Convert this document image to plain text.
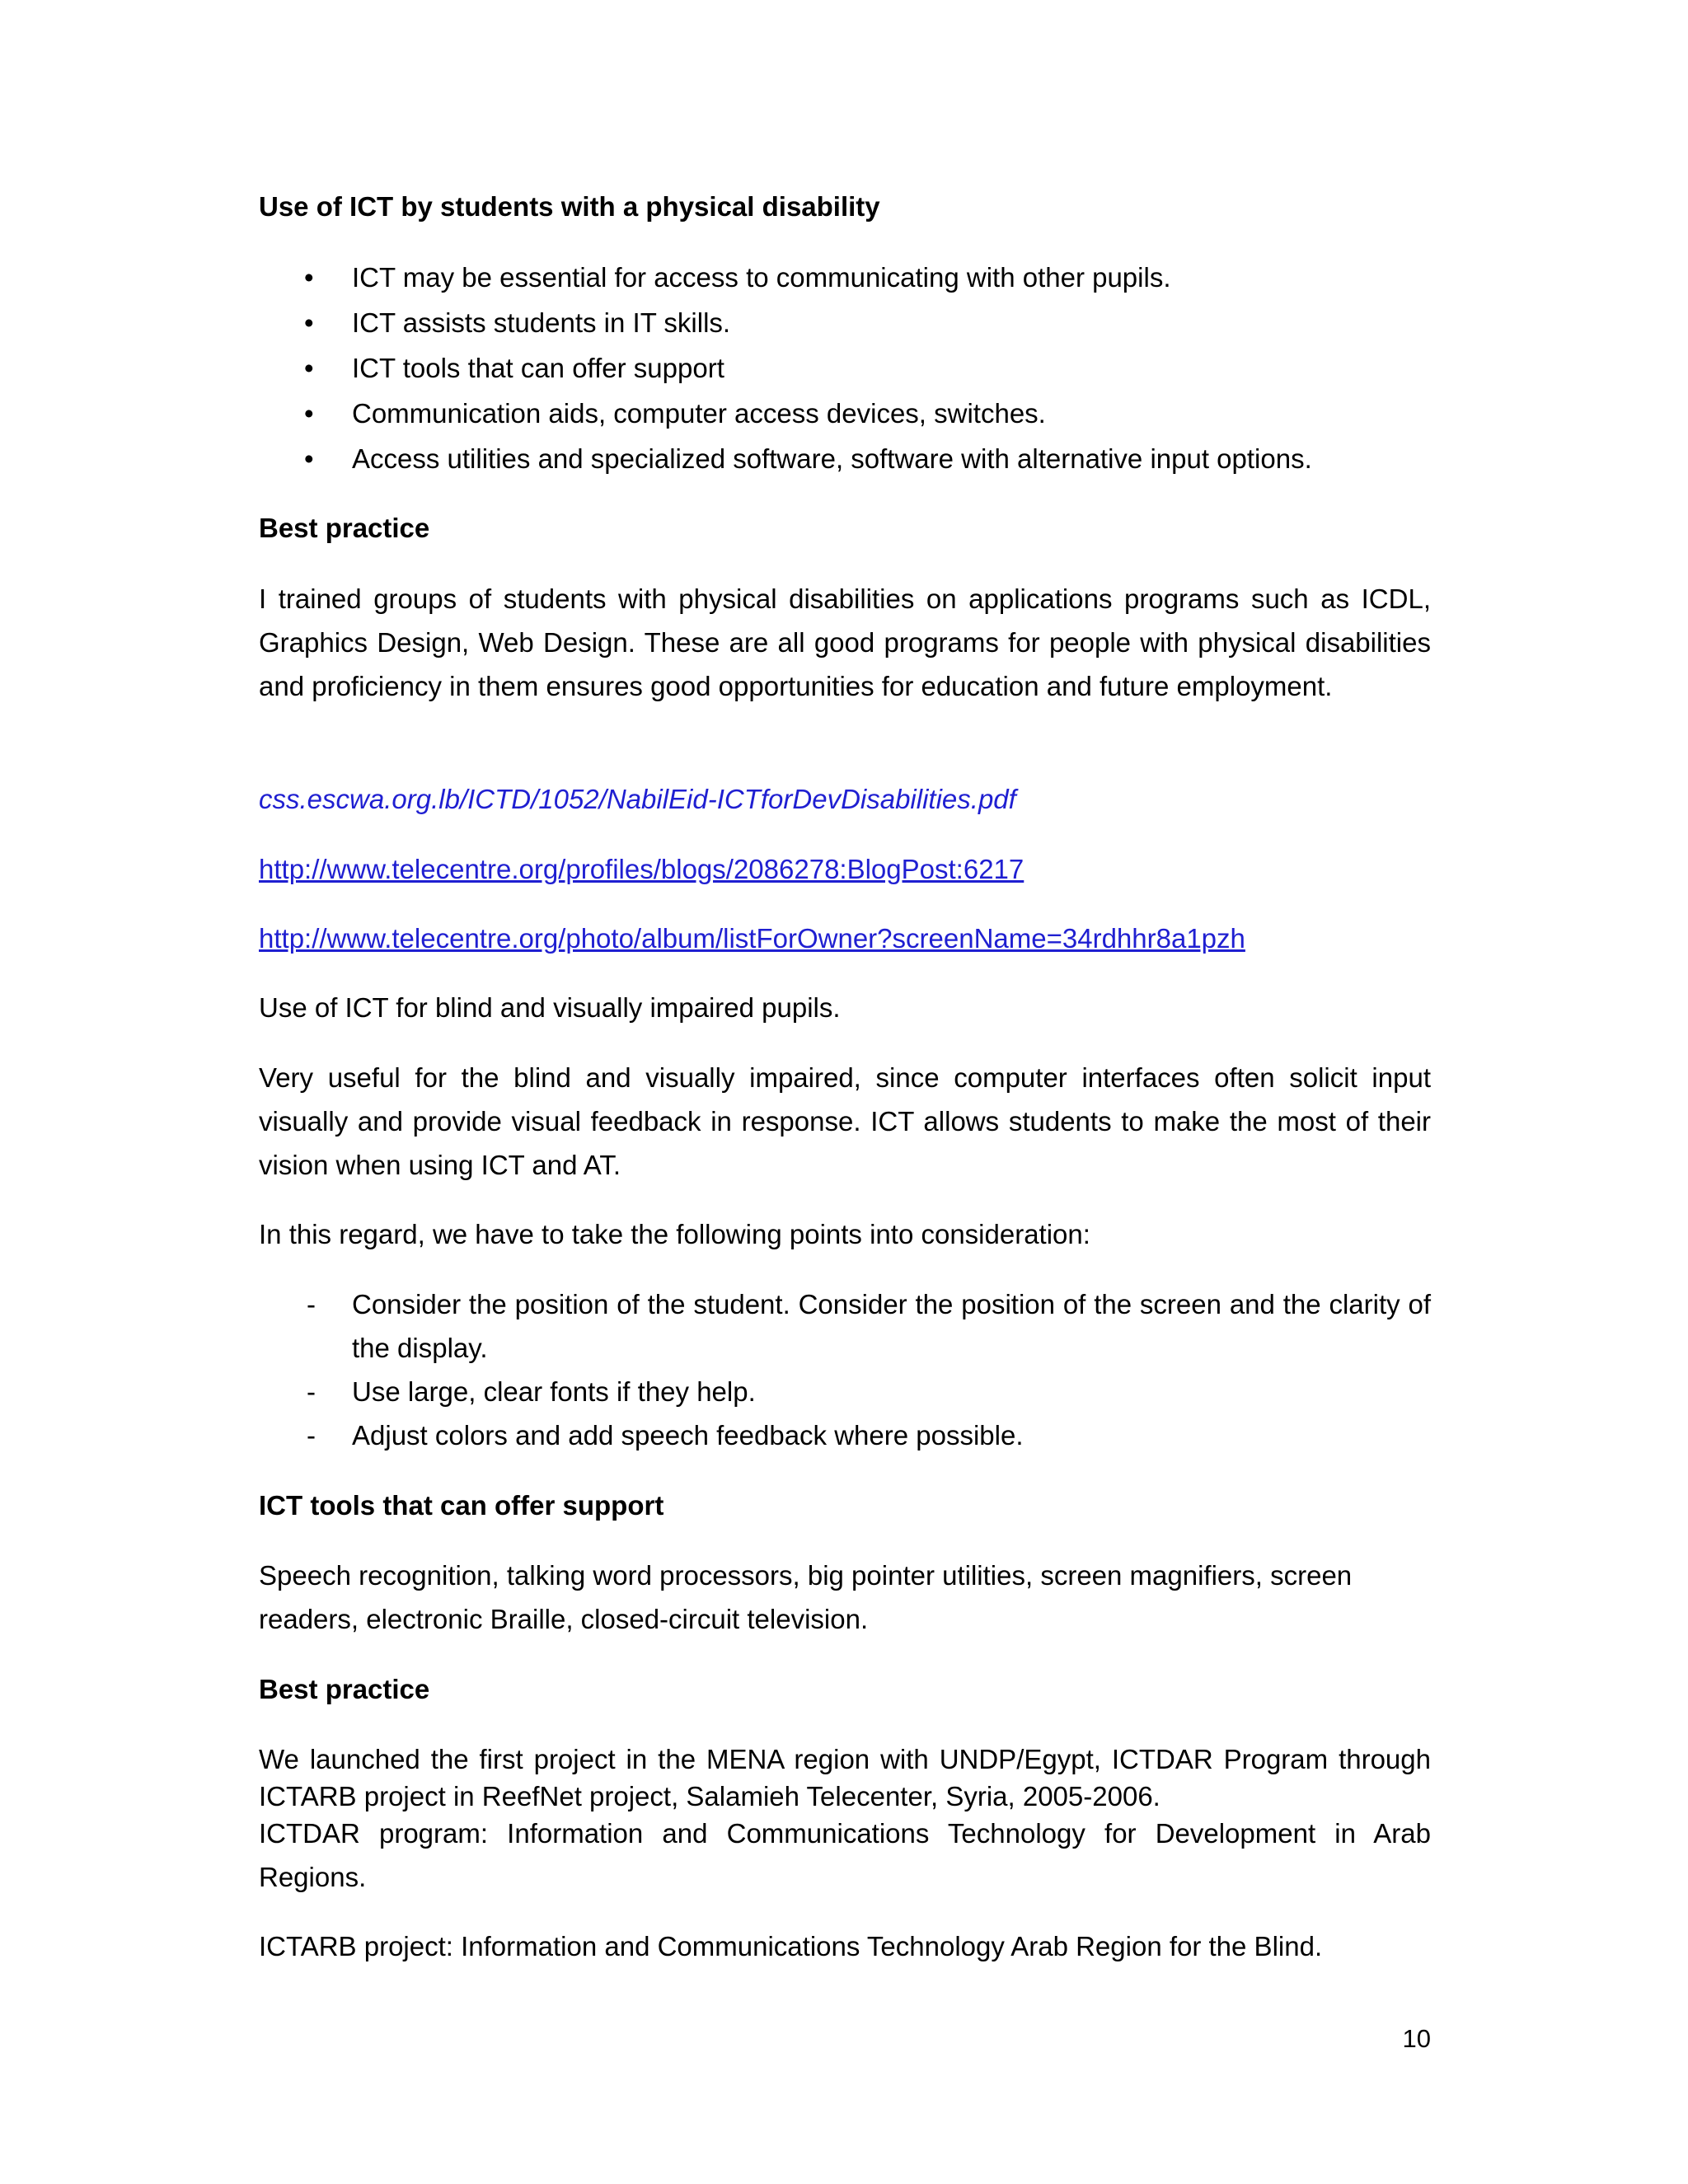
Use of ICT by students with a physical disability
• ICT may be essential for access to communicating with other pupils.
• ICT assists students in IT skills.
• ICT tools that can offer support
• Communication aids, computer access devices, switches.
• Access utilities and specialized software, software with alternative input options.
Best practice
I trained groups of students with physical disabilities on applications programs such as ICDL, Graphics Design, Web Design. These are all good programs for people with physical disabilities and proficiency in them ensures good opportunities for education and future employment.
css.escwa.org.lb/ICTD/1052/NabilEid-ICTforDevDisabilities.pdf
http://www.telecentre.org/profiles/blogs/2086278:BlogPost:6217
http://www.telecentre.org/photo/album/listForOwner?screenName=34rdhhr8a1pzh
Use of ICT for blind and visually impaired pupils.
Very useful for the blind and visually impaired, since computer interfaces often solicit input visually and provide visual feedback in response. ICT allows students to make the most of their vision when using ICT and AT.
In this regard, we have to take the following points into consideration:
- Consider the position of the student. Consider the position of the screen and the clarity of the display.
- Use large, clear fonts if they help.
- Adjust colors and add speech feedback where possible.
ICT tools that can offer support
Speech recognition, talking word processors, big pointer utilities, screen magnifiers, screen readers, electronic Braille, closed-circuit television.
Best practice
We launched the first project in the MENA region with UNDP/Egypt, ICTDAR Program through ICTARB project in ReefNet project, Salamieh Telecenter, Syria, 2005-2006.
ICTDAR program: Information and Communications Technology for Development in Arab Regions.
ICTARB project: Information and Communications Technology Arab Region for the Blind.
10
